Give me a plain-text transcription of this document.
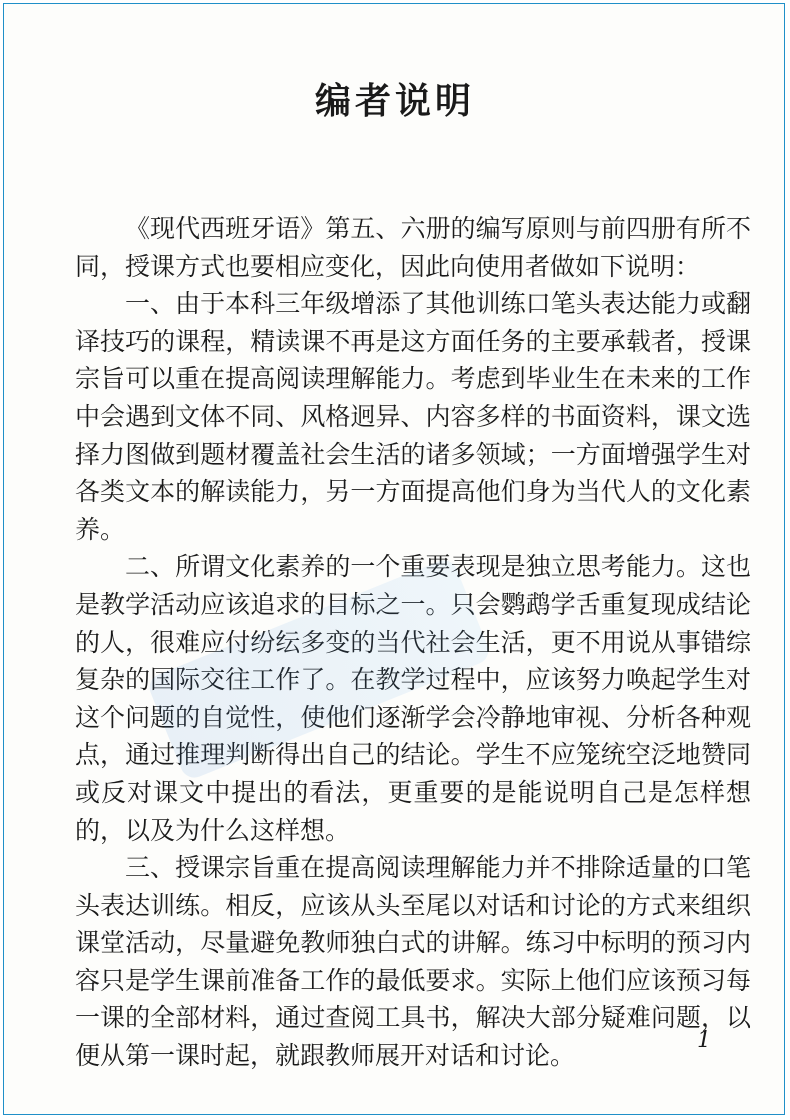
编者说明

《现代西班牙语》第五、六册的编写原则与前四册有所不同，授课方式也要相应变化，因此向使用者做如下说明：

一、由于本科三年级增添了其他训练口笔头表达能力或翻译技巧的课程，精读课不再是这方面任务的主要承载者，授课宗旨可以重在提高阅读理解能力。考虑到毕业生在未来的工作中会遇到文体不同、风格迥异、内容多样的书面资料，课文选择力图做到题材覆盖社会生活的诸多领域；一方面增强学生对各类文本的解读能力，另一方面提高他们身为当代人的文化素养。

二、所谓文化素养的一个重要表现是独立思考能力。这也是教学活动应该追求的目标之一。只会鹦鹉学舌重复现成结论的人，很难应付纷纭多变的当代社会生活，更不用说从事错综复杂的国际交往工作了。在教学过程中，应该努力唤起学生对这个问题的自觉性，使他们逐渐学会冷静地审视、分析各种观点，通过推理判断得出自己的结论。学生不应笼统空泛地赞同或反对课文中提出的看法，更重要的是能说明自己是怎样想的，以及为什么这样想。

三、授课宗旨重在提高阅读理解能力并不排除适量的口笔头表达训练。相反，应该从头至尾以对话和讨论的方式来组织课堂活动，尽量避免教师独白式的讲解。练习中标明的预习内容只是学生课前准备工作的最低要求。实际上他们应该预习每一课的全部材料，通过查阅工具书，解决大部分疑难问题，以便从第一课时起，就跟教师展开对话和讨论。

1
